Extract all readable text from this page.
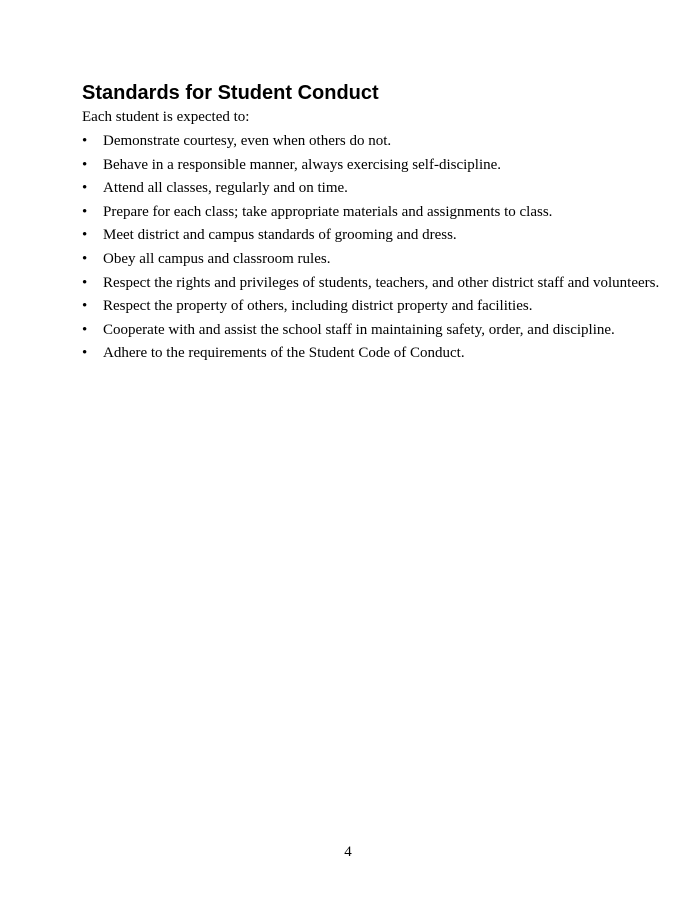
Standards for Student Conduct

Each student is expected to:

•	Demonstrate courtesy, even when others do not.
•	Behave in a responsible manner, always exercising self-discipline.
•	Attend all classes, regularly and on time.
•	Prepare for each class; take appropriate materials and assignments to class.
•	Meet district and campus standards of grooming and dress.
•	Obey all campus and classroom rules.
•	Respect the rights and privileges of students, teachers, and other district staff and volunteers.
•	Respect the property of others, including district property and facilities.
•	Cooperate with and assist the school staff in maintaining safety, order, and discipline.
•	Adhere to the requirements of the Student Code of Conduct.
4
